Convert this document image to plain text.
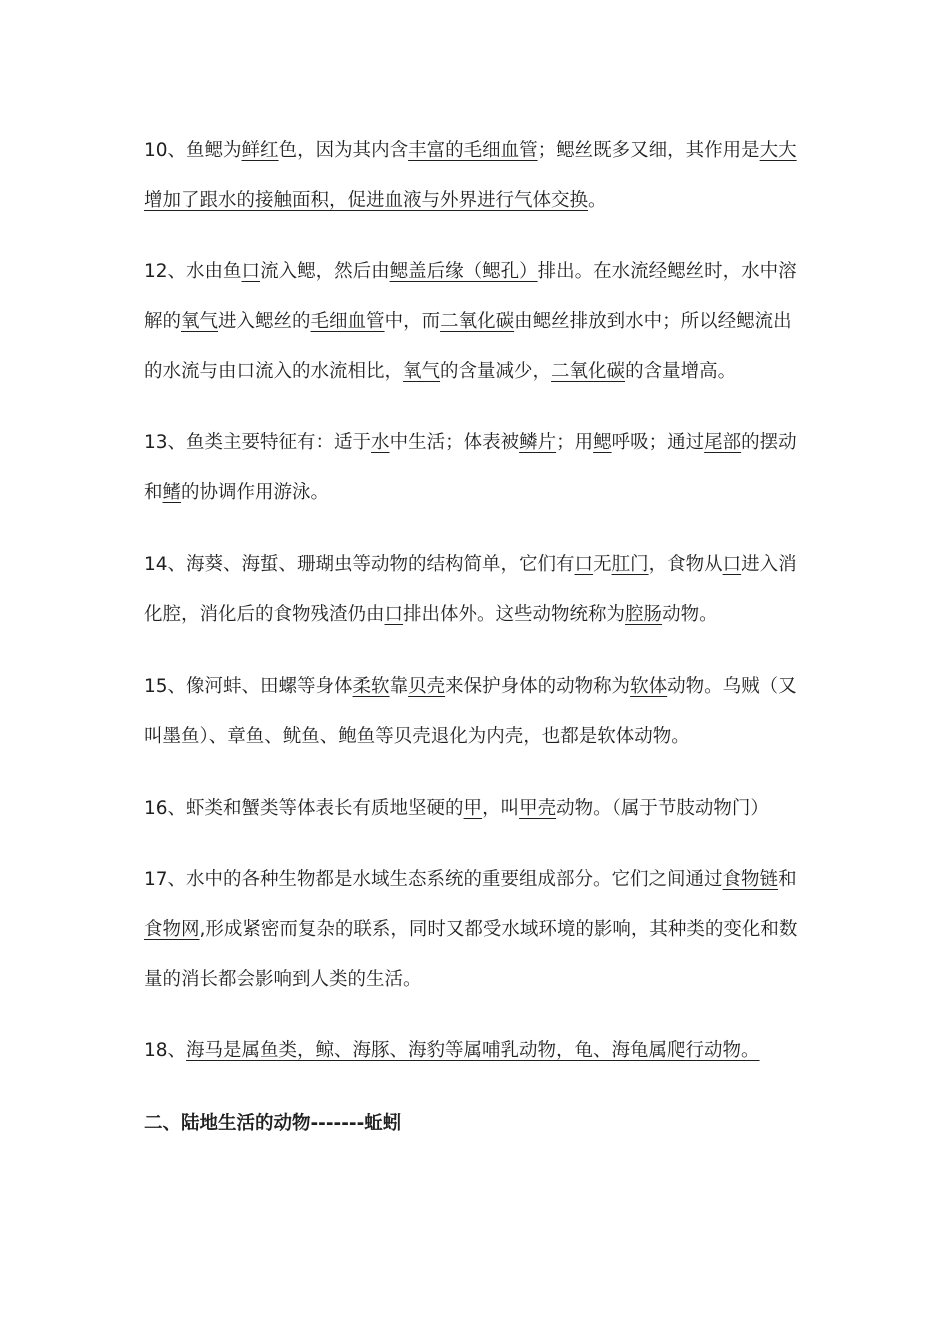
10、鱼鳃为鲜红色，因为其内含丰富的毛细血管；鳃丝既多又细，其作用是大大增加了跟水的接触面积，促进血液与外界进行气体交换。

12、水由鱼口流入鳃，然后由鳃盖后缘（鳃孔）排出。在水流经鳃丝时，水中溶解的氧气进入鳃丝的毛细血管中，而二氧化碳由鳃丝排放到水中；所以经鳃流出的水流与由口流入的水流相比，氧气的含量减少，二氧化碳的含量增高。

13、鱼类主要特征有：适于水中生活；体表被鳞片；用鳃呼吸；通过尾部的摆动和鳍的协调作用游泳。

14、海葵、海蜇、珊瑚虫等动物的结构简单，它们有口无肛门，食物从口进入消化腔，消化后的食物残渣仍由口排出体外。这些动物统称为腔肠动物。

15、像河蚌、田螺等身体柔软靠贝壳来保护身体的动物称为软体动物。乌贼（又叫墨鱼）、章鱼、鱿鱼、鲍鱼等贝壳退化为内壳，也都是软体动物。

16、虾类和蟹类等体表长有质地坚硬的甲，叫甲壳动物。（属于节肢动物门）

17、水中的各种生物都是水域生态系统的重要组成部分。它们之间通过食物链和食物网,形成紧密而复杂的联系，同时又都受水域环境的影响，其种类的变化和数量的消长都会影响到人类的生活。

18、海马是属鱼类，鲸、海豚、海豹等属哺乳动物，龟、海龟属爬行动物。

二、陆地生活的动物-------蚯蚓
